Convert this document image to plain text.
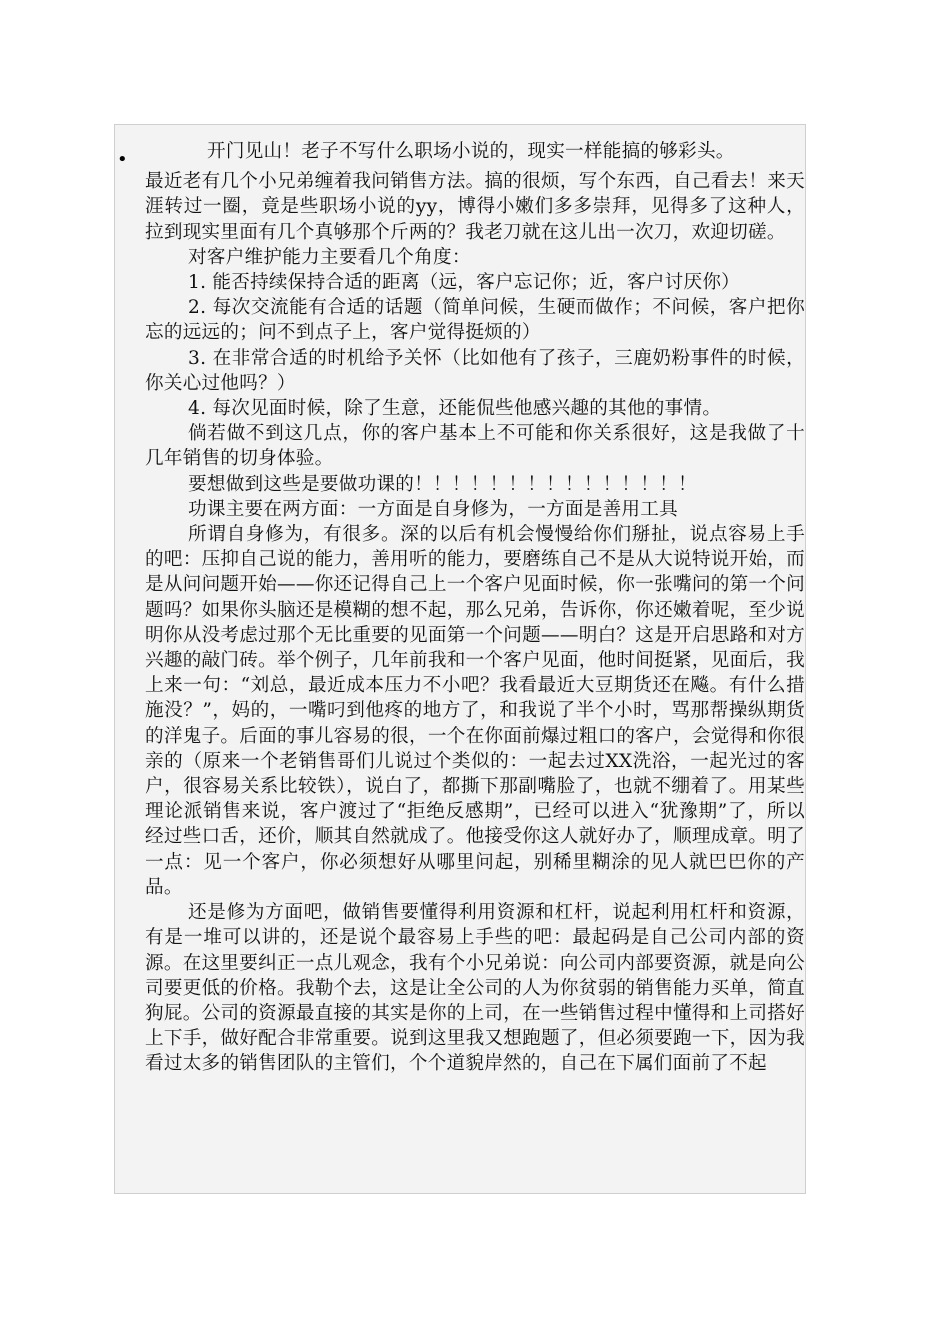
•	开门见山！老子不写什么职场小说的，现实一样能搞的够彩头。

最近老有几个小兄弟缠着我问销售方法。搞的很烦，写个东西，自己看去！来天涯转过一圈，竟是些职场小说的yy，博得小嫩们多多崇拜，见得多了这种人，拉到现实里面有几个真够那个斤两的？我老刀就在这儿出一次刀，欢迎切磋。

对客户维护能力主要看几个角度：

1. 能否持续保持合适的距离（远，客户忘记你；近，客户讨厌你）

2. 每次交流能有合适的话题（简单问候，生硬而做作；不问候，客户把你忘的远远的；问不到点子上，客户觉得挺烦的）

3. 在非常合适的时机给予关怀（比如他有了孩子，三鹿奶粉事件的时候，你关心过他吗？）

4. 每次见面时候，除了生意，还能侃些他感兴趣的其他的事情。

倘若做不到这几点，你的客户基本上不可能和你关系很好，这是我做了十几年销售的切身体验。

要想做到这些是要做功课的！！！！！！！！！！！！！！！

功课主要在两方面：一方面是自身修为，一方面是善用工具

所谓自身修为，有很多。深的以后有机会慢慢给你们掰扯，说点容易上手的吧：压抑自己说的能力，善用听的能力，要磨练自己不是从大说特说开始，而是从问问题开始——你还记得自己上一个客户见面时候，你一张嘴问的第一个问题吗？如果你头脑还是模糊的想不起，那么兄弟，告诉你，你还嫩着呢，至少说明你从没考虑过那个无比重要的见面第一个问题——明白？这是开启思路和对方兴趣的敲门砖。举个例子，几年前我和一个客户见面，他时间挺紧，见面后，我上来一句：“刘总，最近成本压力不小吧？我看最近大豆期货还在飚。有什么措施没？”，妈的，一嘴叼到他疼的地方了，和我说了半个小时，骂那帮操纵期货的洋鬼子。后面的事儿容易的很，一个在你面前爆过粗口的客户，会觉得和你很亲的（原来一个老销售哥们儿说过个类似的：一起去过XX洗浴，一起光过的客户，很容易关系比较铁），说白了，都撕下那副嘴脸了，也就不绷着了。用某些理论派销售来说，客户渡过了“拒绝反感期”，已经可以进入“犹豫期”了，所以经过些口舌，还价，顺其自然就成了。他接受你这人就好办了，顺理成章。明了一点：见一个客户，你必须想好从哪里问起，别稀里糊涂的见人就巴巴你的产品。

还是修为方面吧，做销售要懂得利用资源和杠杆，说起利用杠杆和资源，有是一堆可以讲的，还是说个最容易上手些的吧：最起码是自己公司内部的资源。在这里要纠正一点儿观念，我有个小兄弟说：向公司内部要资源，就是向公司要更低的价格。我勒个去，这是让全公司的人为你贫弱的销售能力买单，简直狗屁。公司的资源最直接的其实是你的上司，在一些销售过程中懂得和上司搭好上下手，做好配合非常重要。说到这里我又想跑题了，但必须要跑一下，因为我看过太多的销售团队的主管们，个个道貌岸然的，自己在下属们面前了不起
